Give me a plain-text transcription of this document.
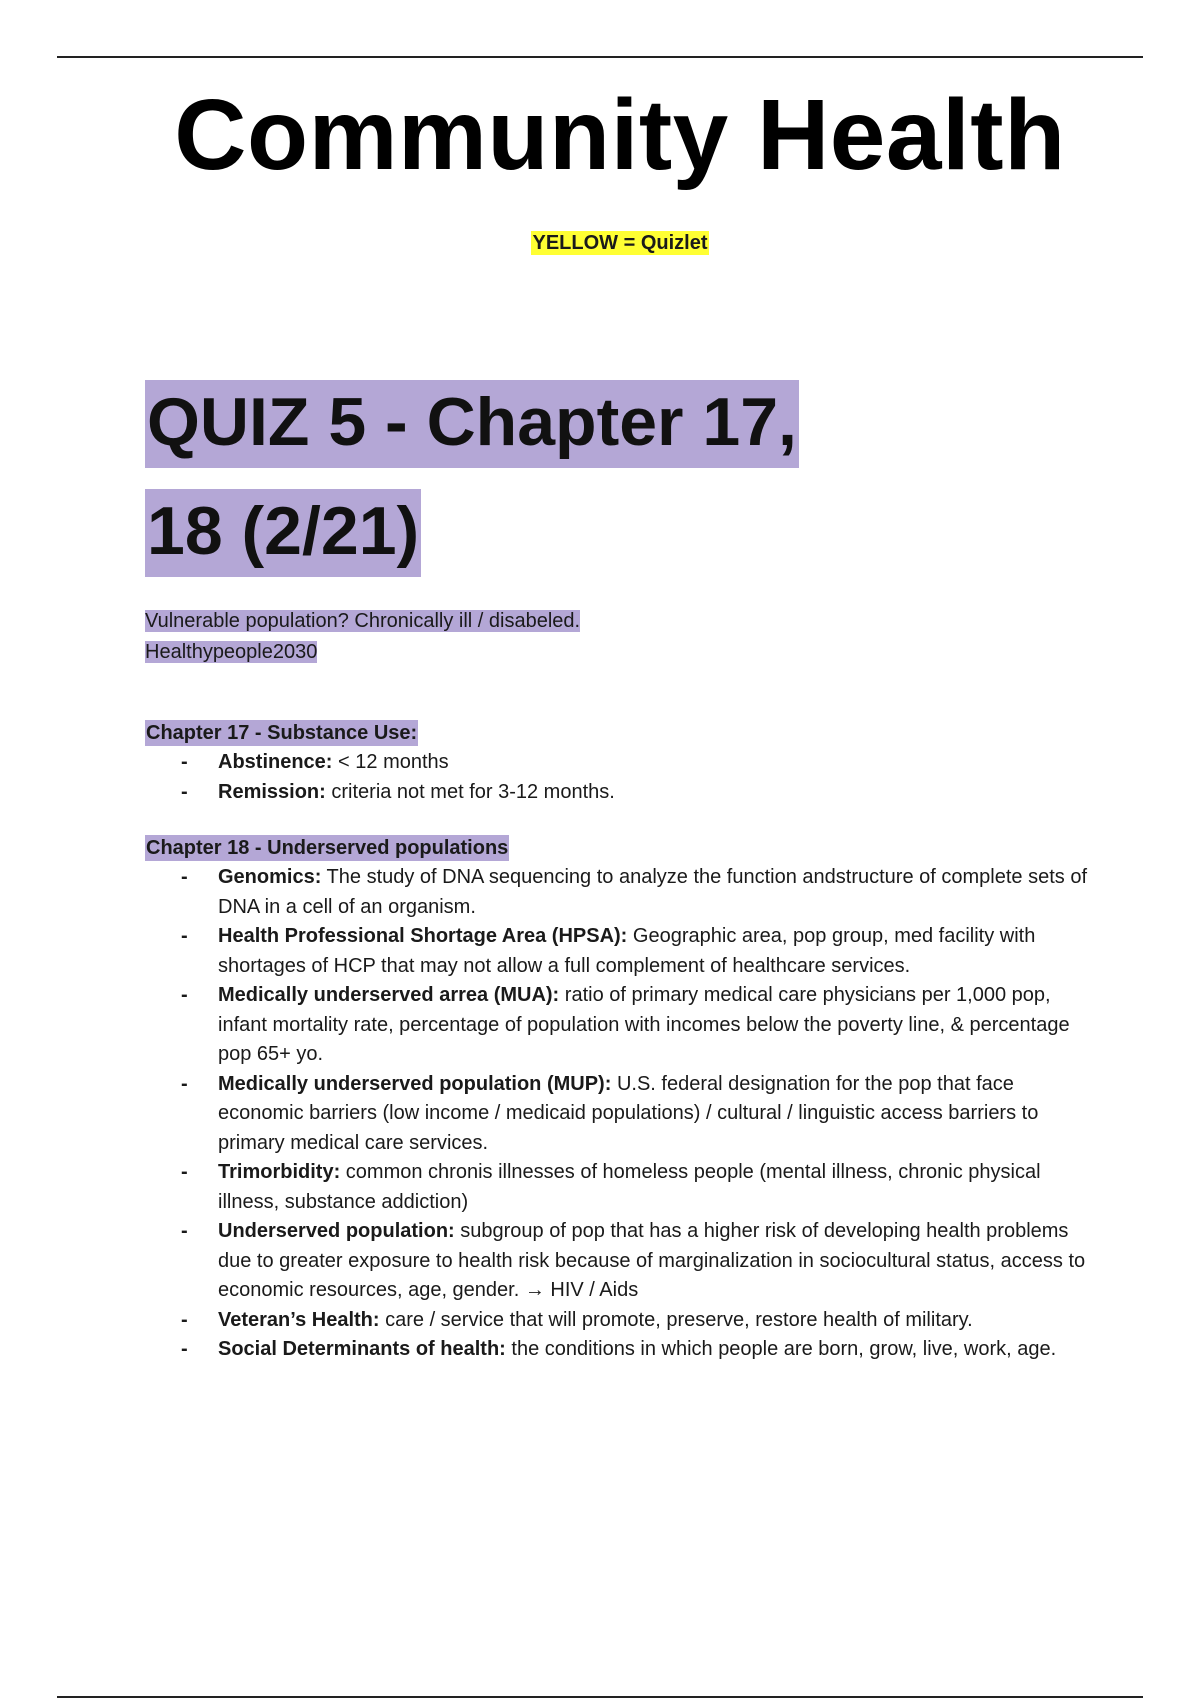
Community Health
YELLOW = Quizlet
QUIZ 5 - Chapter 17,
18 (2/21)
Vulnerable population? Chronically ill / disabeled.
Healthypeople2030
Chapter 17 - Substance Use:
- Abstinence: < 12 months
- Remission: criteria not met for 3-12 months.
Chapter 18 - Underserved populations
- Genomics: The study of DNA sequencing to analyze the function andstructure of complete sets of DNA in a cell of an organism.
- Health Professional Shortage Area (HPSA): Geographic area, pop group, med facility with shortages of HCP that may not allow a full complement of healthcare services.
- Medically underserved arrea (MUA): ratio of primary medical care physicians per 1,000 pop, infant mortality rate, percentage of population with incomes below the poverty line, & percentage pop 65+ yo.
- Medically underserved population (MUP): U.S. federal designation for the pop that face economic barriers (low income / medicaid populations) / cultural / linguistic access barriers to primary medical care services.
- Trimorbidity: common chronis illnesses of homeless people (mental illness, chronic physical illness, substance addiction)
- Underserved population: subgroup of pop that has a higher risk of developing health problems due to greater exposure to health risk because of marginalization in sociocultural status, access to economic resources, age, gender. → HIV / Aids
- Veteran’s Health: care / service that will promote, preserve, restore health of military.
- Social Determinants of health: the conditions in which people are born, grow, live, work, age.
